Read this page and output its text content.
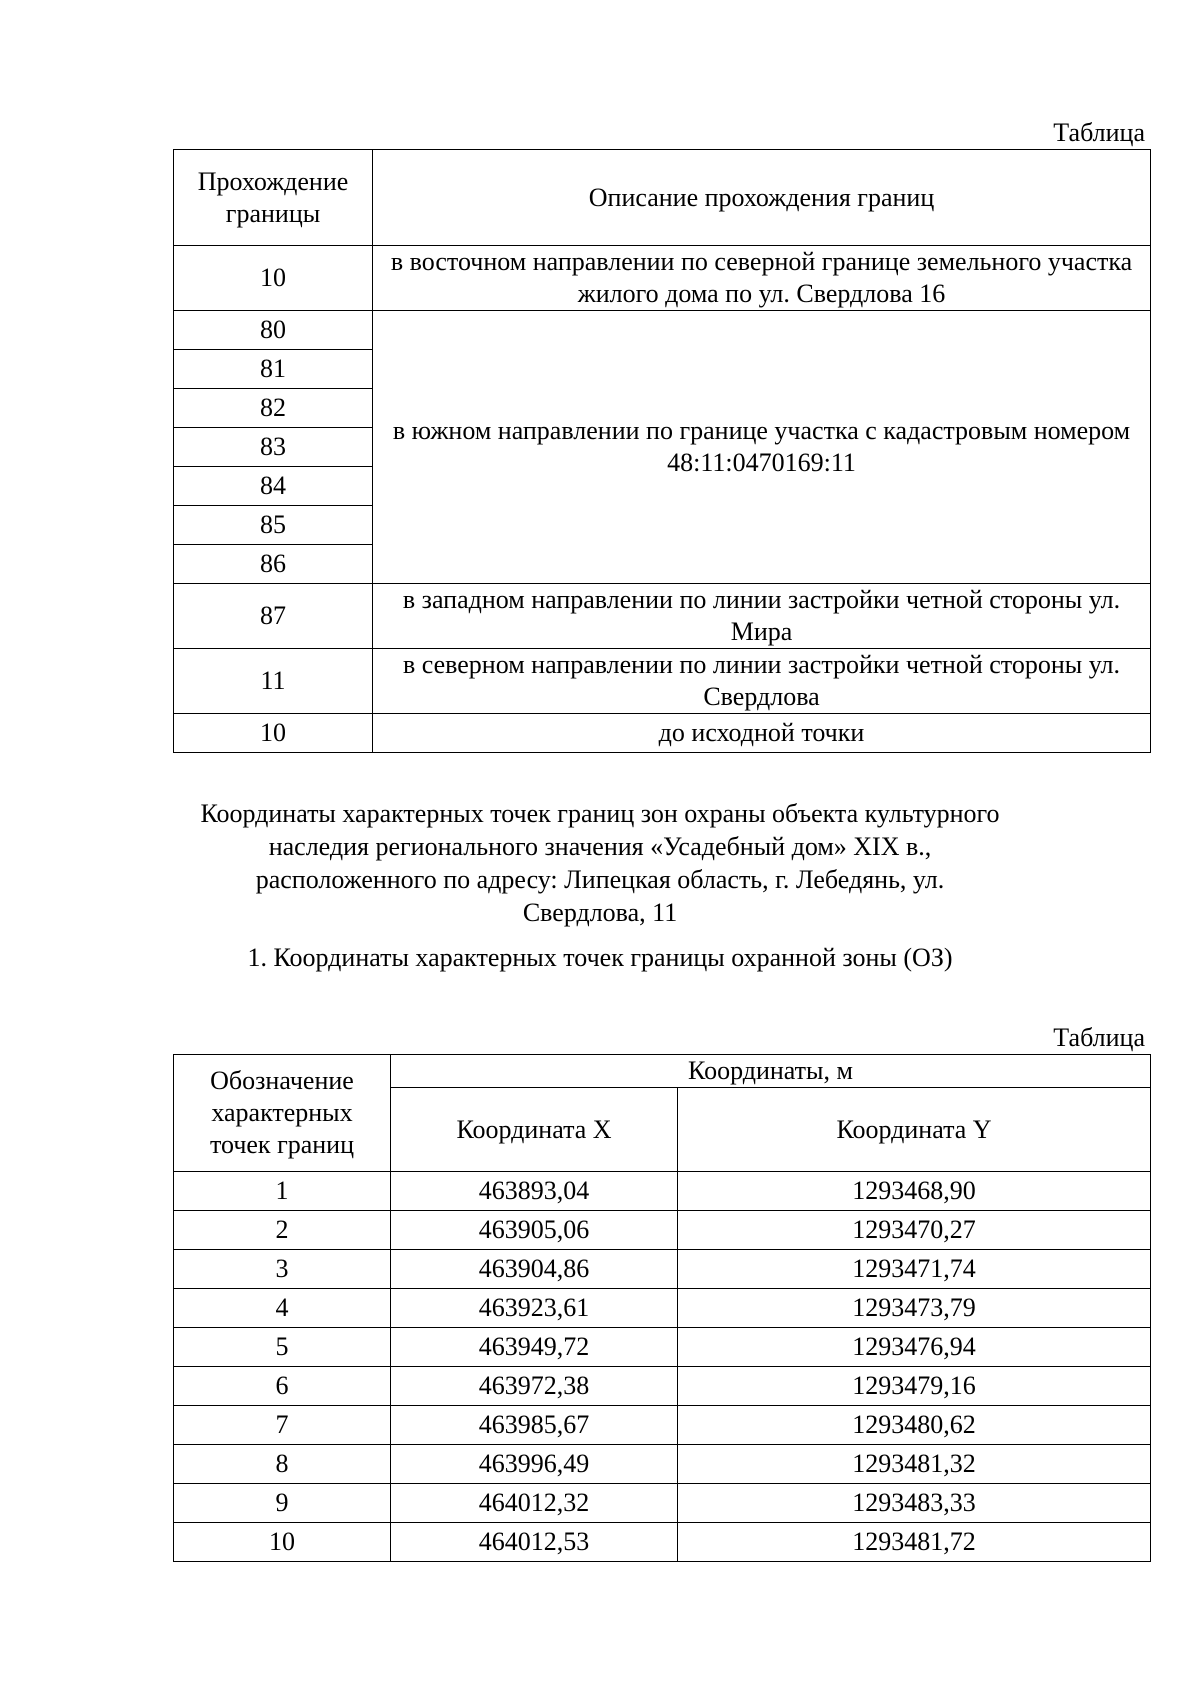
Таблица
Прохождение границы	Описание прохождения границ
10	в восточном направлении по северной границе земельного участка жилого дома по ул. Свердлова 16
80	в южном направлении по границе участка с кадастровым номером 48:11:0470169:11
81	
82	
83	
84	
85	
86	
87	в западном направлении по линии застройки четной стороны ул. Мира
11	в северном направлении по линии застройки четной стороны ул. Свердлова
10	до исходной точки
Координаты характерных точек границ зон охраны объекта культурного наследия регионального значения «Усадебный дом» XIX в., расположенного по адресу: Липецкая область, г. Лебедянь, ул. Свердлова, 11
1. Координаты характерных точек границы охранной зоны (ОЗ)
Таблица
Обозначение характерных точек границ	Координаты, м	
	Координата X	Координата Y
1	463893,04	1293468,90
2	463905,06	1293470,27
3	463904,86	1293471,74
4	463923,61	1293473,79
5	463949,72	1293476,94
6	463972,38	1293479,16
7	463985,67	1293480,62
8	463996,49	1293481,32
9	464012,32	1293483,33
10	464012,53	1293481,72
